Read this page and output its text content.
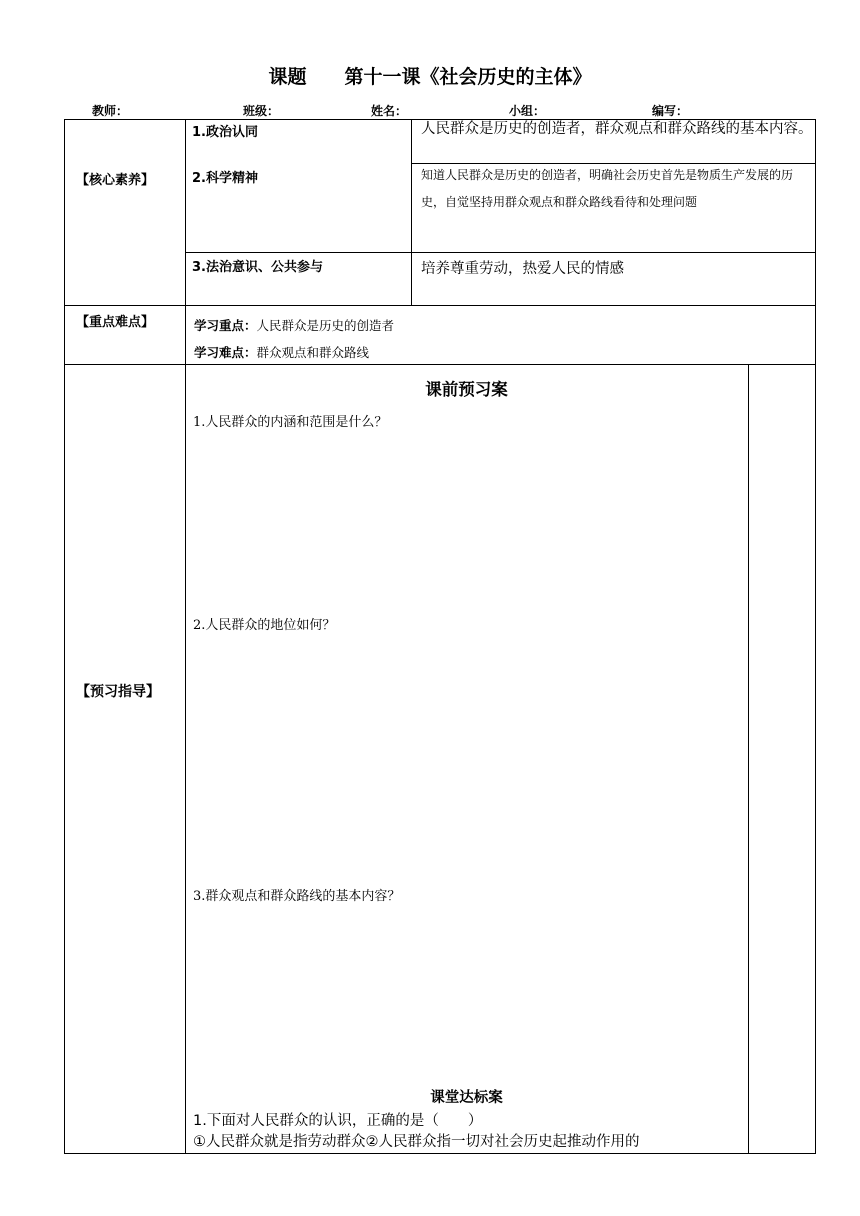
课题 第十一课《社会历史的主体》
教师：	班级：	姓名：	小组：	编写：
【核心素养】
1.政治认同	人民群众是历史的创造者，群众观点和群众路线的基本内容。
2.科学精神	知道人民群众是历史的创造者，明确社会历史首先是物质生产发展的历史，自觉坚持用群众观点和群众路线看待和处理问题
3.法治意识、公共参与	培养尊重劳动，热爱人民的情感
【重点难点】	学习重点：人民群众是历史的创造者
学习难点：群众观点和群众路线
【预习指导】
课前预习案
1.人民群众的内涵和范围是什么？
2.人民群众的地位如何？
3.群众观点和群众路线的基本内容？
课堂达标案
1.下面对人民群众的认识，正确的是（　　）
①人民群众就是指劳动群众②人民群众指一切对社会历史起推动作用的
